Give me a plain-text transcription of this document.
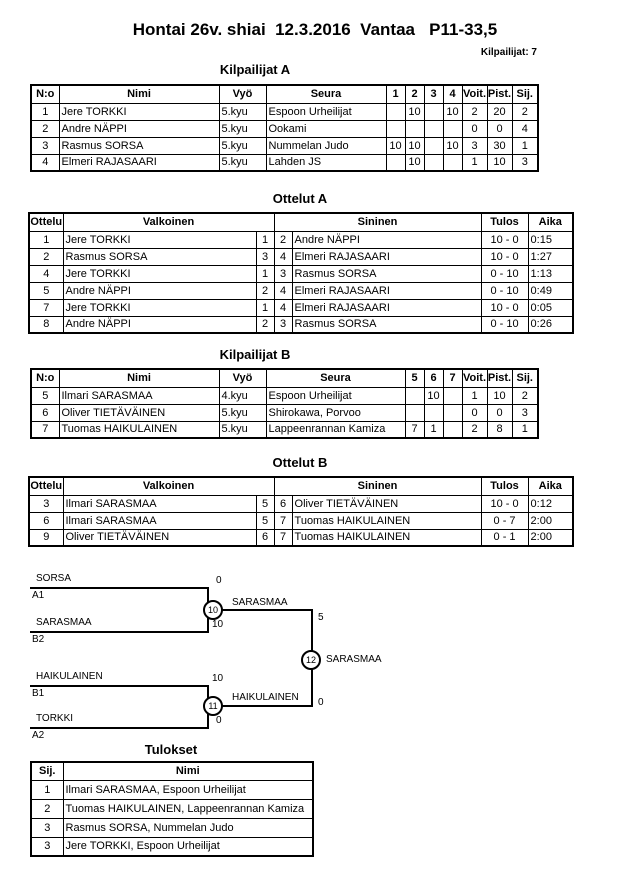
Hontai 26v. shiai  12.3.2016  Vantaa   P11-33,5
Kilpailijat: 7
Kilpailijat A
N:o	Nimi	Vyö	Seura	1	2	3	4	Voit.	Pist.	Sij.
1	Jere TORKKI	5.kyu	Espoon Urheilijat		10		10	2	20	2
2	Andre NÄPPI	5.kyu	Ookami					0	0	4
3	Rasmus SORSA	5.kyu	Nummelan Judo	10	10		10	3	30	1
4	Elmeri RAJASAARI	5.kyu	Lahden JS		10			1	10	3
Ottelut A
Ottelu	Valkoinen		Sininen		Tulos	Aika
1	Jere TORKKI	1	2	Andre NÄPPI	10 - 0	0:15
2	Rasmus SORSA	3	4	Elmeri RAJASAARI	10 - 0	1:27
4	Jere TORKKI	1	3	Rasmus SORSA	0 - 10	1:13
5	Andre NÄPPI	2	4	Elmeri RAJASAARI	0 - 10	0:49
7	Jere TORKKI	1	4	Elmeri RAJASAARI	10 - 0	0:05
8	Andre NÄPPI	2	3	Rasmus SORSA	0 - 10	0:26
Kilpailijat B
N:o	Nimi	Vyö	Seura	5	6	7	Voit.	Pist.	Sij.
5	Ilmari SARASMAA	4.kyu	Espoon Urheilijat		10		1	10	2
6	Oliver TIETÄVÄINEN	5.kyu	Shirokawa, Porvoo				0	0	3
7	Tuomas HAIKULAINEN	5.kyu	Lappeenrannan Kamiza	7	1		2	8	1
Ottelut B
Ottelu	Valkoinen		Sininen		Tulos	Aika
3	Ilmari SARASMAA	5	6	Oliver TIETÄVÄINEN	10 - 0	0:12
6	Ilmari SARASMAA	5	7	Tuomas HAIKULAINEN	0 - 7	2:00
9	Oliver TIETÄVÄINEN	6	7	Tuomas HAIKULAINEN	0 - 1	2:00
SORSA
A1
0
SARASMAA
B2
10
10
SARASMAA
5
12	SARASMAA
HAIKULAINEN
B1
10
TORKKI
A2
0
11
HAIKULAINEN 0
Tulokset
Sij.	Nimi
1	Ilmari SARASMAA, Espoon Urheilijat
2	Tuomas HAIKULAINEN, Lappeenrannan Kamiza
3	Rasmus SORSA, Nummelan Judo
3	Jere TORKKI, Espoon Urheilijat
